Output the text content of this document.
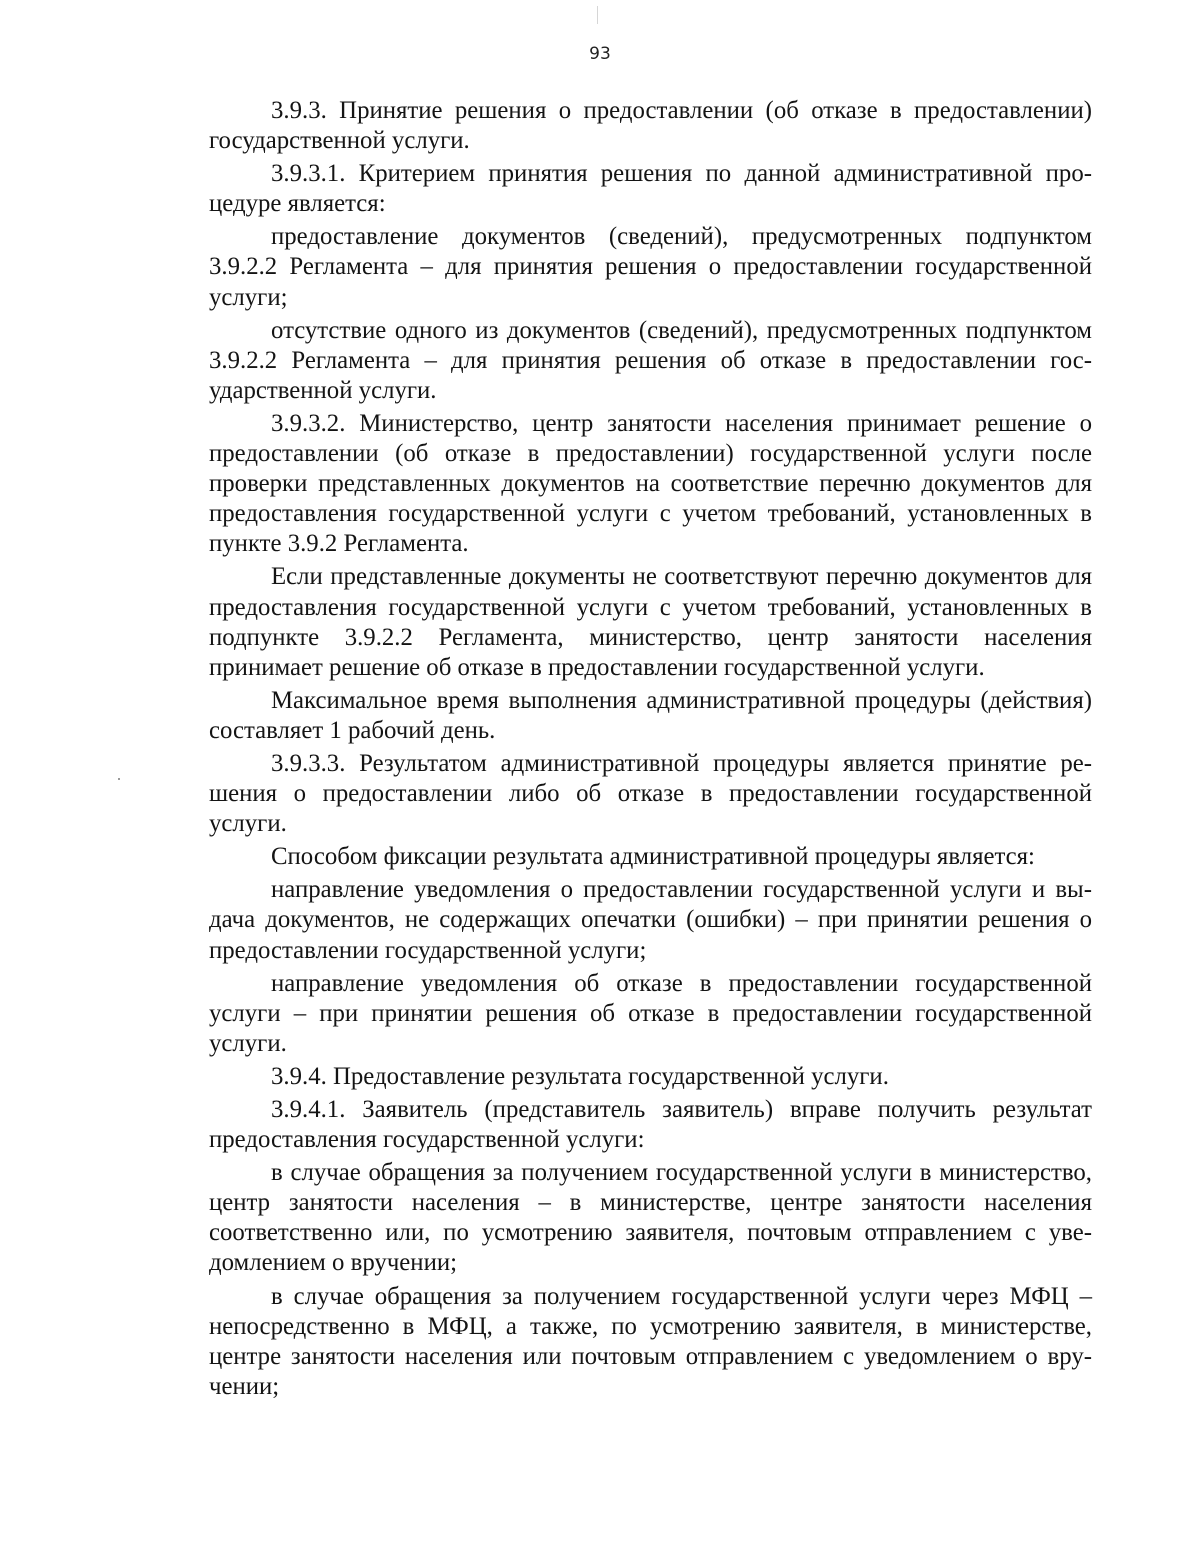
93

3.9.3. Принятие решения о предоставлении (об отказе в предоставлении) государственной услуги.

3.9.3.1. Критерием принятия решения по данной административной процедуре является:

предоставление документов (сведений), предусмотренных подпунктом 3.9.2.2 Регламента – для принятия решения о предоставлении государственной услуги;

отсутствие одного из документов (сведений), предусмотренных подпунктом 3.9.2.2 Регламента – для принятия решения об отказе в предоставлении государственной услуги.

3.9.3.2. Министерство, центр занятости населения принимает решение о предоставлении (об отказе в предоставлении) государственной услуги после проверки представленных документов на соответствие перечню документов для предоставления государственной услуги с учетом требований, установленных в пункте 3.9.2 Регламента.

Если представленные документы не соответствуют перечню документов для предоставления государственной услуги с учетом требований, установленных в подпункте 3.9.2.2 Регламента, министерство, центр занятости населения принимает решение об отказе в предоставлении государственной услуги.

Максимальное время выполнения административной процедуры (действия) составляет 1 рабочий день.

3.9.3.3. Результатом административной процедуры является принятие решения о предоставлении либо об отказе в предоставлении государственной услуги.

Способом фиксации результата административной процедуры является:

направление уведомления о предоставлении государственной услуги и выдача документов, не содержащих опечатки (ошибки) – при принятии решения о предоставлении государственной услуги;

направление уведомления об отказе в предоставлении государственной услуги – при принятии решения об отказе в предоставлении государственной услуги.

3.9.4. Предоставление результата государственной услуги.

3.9.4.1. Заявитель (представитель заявитель) вправе получить результат предоставления государственной услуги:

в случае обращения за получением государственной услуги в министерство, центр занятости населения – в министерстве, центре занятости населения соответственно или, по усмотрению заявителя, почтовым отправлением с уведомлением о вручении;

в случае обращения за получением государственной услуги через МФЦ – непосредственно в МФЦ, а также, по усмотрению заявителя, в министерстве, центре занятости населения или почтовым отправлением с уведомлением о вручении;
